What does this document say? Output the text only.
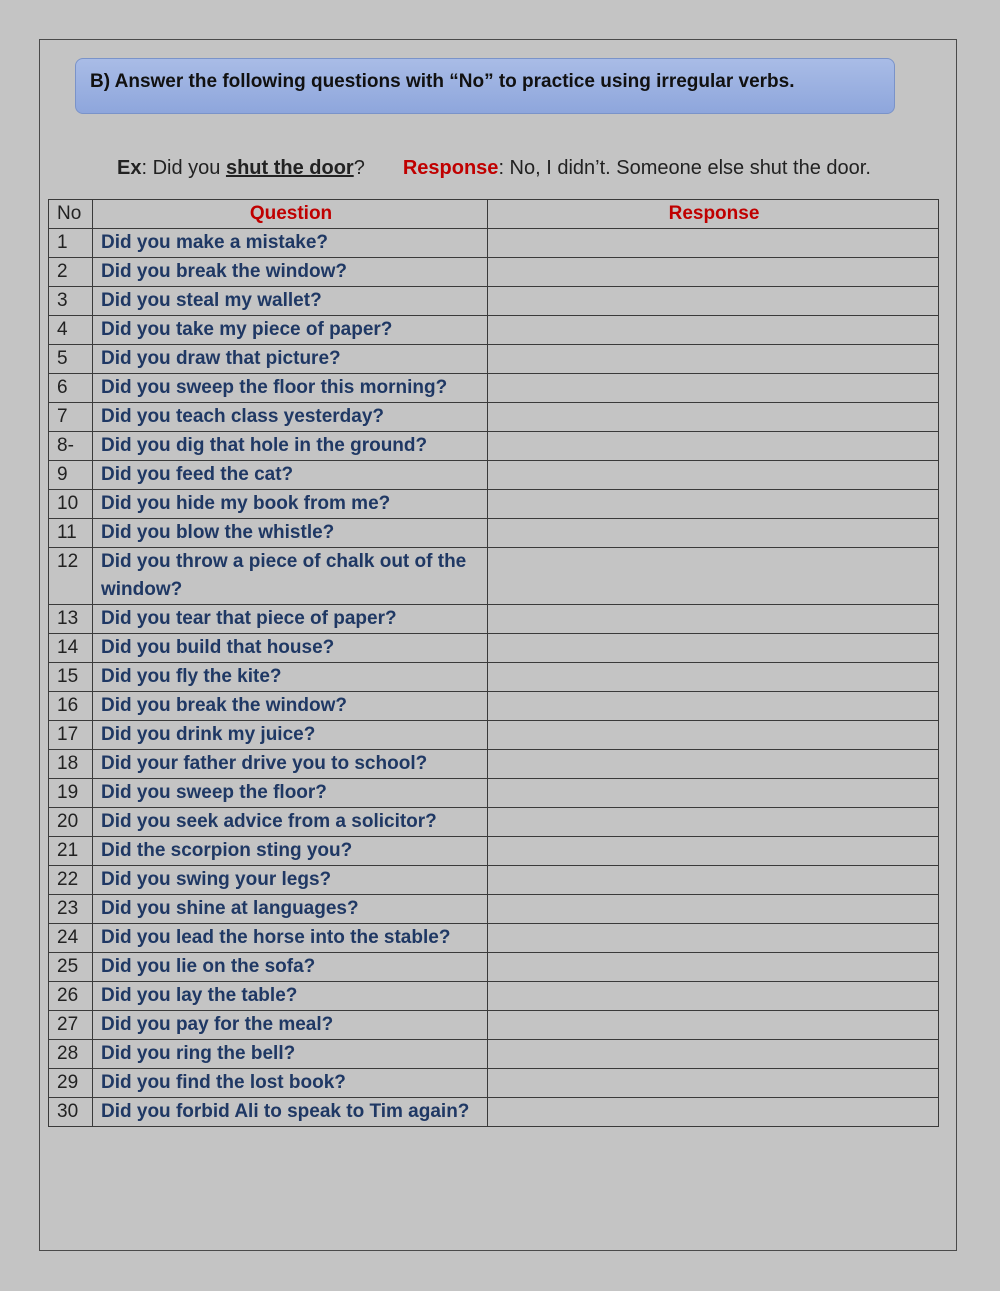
B) Answer the following questions with “No” to practice using irregular verbs.
Ex: Did you shut the door? Response: No, I didn’t. Someone else shut the door.
No	Question	Response
1	Did you make a mistake?	
2	Did you break the window?	
3	Did you steal my wallet?	
4	Did you take my piece of paper?	
5	Did you draw that picture?	
6	Did you sweep the floor this morning?	
7	Did you teach class yesterday?	
8-	Did you dig that hole in the ground?	
9	Did you feed the cat?	
10	Did you hide my book from me?	
11	Did you blow the whistle?	
12	Did you throw a piece of chalk out of the window?	
13	Did you tear that piece of paper?	
14	Did you build that house?	
15	Did you fly the kite?	
16	Did you break the window?	
17	Did you drink my juice?	
18	Did your father drive you to school?	
19	Did you sweep the floor?	
20	Did you seek advice from a solicitor?	
21	Did the scorpion sting you?	
22	Did you swing your legs?	
23	Did you shine at languages?	
24	Did you lead the horse into the stable?	
25	Did you lie on the sofa?	
26	Did you lay the table?	
27	Did you pay for the meal?	
28	Did you ring the bell?	
29	Did you find the lost book?	
30	Did you forbid Ali to speak to Tim again?	
